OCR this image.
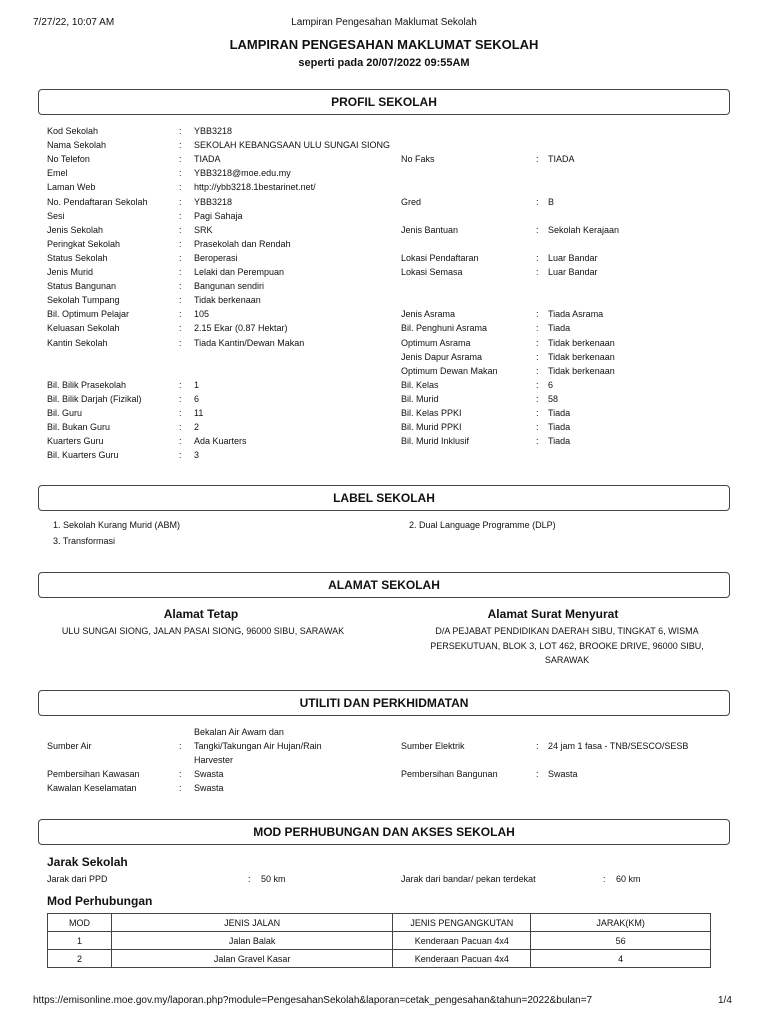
7/27/22, 10:07 AM	Lampiran Pengesahan Maklumat Sekolah
LAMPIRAN PENGESAHAN MAKLUMAT SEKOLAH
seperti pada 20/07/2022 09:55AM
PROFIL SEKOLAH
Kod Sekolah	: YBB3218
Nama Sekolah	: SEKOLAH KEBANGSAAN ULU SUNGAI SIONG
No Telefon	: TIADA	No Faks	: TIADA
Emel	: YBB3218@moe.edu.my
Laman Web	: http://ybb3218.1bestarinet.net/
No. Pendaftaran Sekolah	: YBB3218	Gred	: B
Sesi	: Pagi Sahaja
Jenis Sekolah	: SRK	Jenis Bantuan	: Sekolah Kerajaan
Peringkat Sekolah	: Prasekolah dan Rendah
Status Sekolah	: Beroperasi	Lokasi Pendaftaran	: Luar Bandar
Jenis Murid	: Lelaki dan Perempuan	Lokasi Semasa	: Luar Bandar
Status Bangunan	: Bangunan sendiri
Sekolah Tumpang	: Tidak berkenaan
Bil. Optimum Pelajar	: 105	Jenis Asrama	: Tiada Asrama
Keluasan Sekolah	: 2.15 Ekar (0.87 Hektar)	Bil. Penghuni Asrama	: Tiada
Kantin Sekolah	: Tiada Kantin/Dewan Makan	Optimum Asrama	: Tidak berkenaan
Jenis Dapur Asrama	: Tidak berkenaan
Optimum Dewan Makan	: Tidak berkenaan
Bil. Bilik Prasekolah	: 1	Bil. Kelas	: 6
Bil. Bilik Darjah (Fizikal)	: 6	Bil. Murid	: 58
Bil. Guru	: 11	Bil. Kelas PPKI	: Tiada
Bil. Bukan Guru	: 2	Bil. Murid PPKI	: Tiada
Kuarters Guru	: Ada Kuarters	Bil. Murid Inklusif	: Tiada
Bil. Kuarters Guru	: 3
LABEL SEKOLAH
1. Sekolah Kurang Murid (ABM)	2. Dual Language Programme (DLP)
3. Transformasi
ALAMAT SEKOLAH
Alamat Tetap
ULU SUNGAI SIONG, JALAN PASAI SIONG, 96000 SIBU, SARAWAK
Alamat Surat Menyurat
D/A PEJABAT PENDIDIKAN DAERAH SIBU, TINGKAT 6, WISMA
PERSEKUTUAN, BLOK 3, LOT 462, BROOKE DRIVE, 96000 SIBU,
SARAWAK
UTILITI DAN PERKHIDMATAN
Bekalan Air Awam dan
Sumber Air	: Tangki/Takungan Air Hujan/Rain	Sumber Elektrik	: 24 jam 1 fasa - TNB/SESCO/SESB
Harvester
Pembersihan Kawasan	: Swasta	Pembersihan Bangunan	: Swasta
Kawalan Keselamatan	: Swasta
MOD PERHUBUNGAN DAN AKSES SEKOLAH
Jarak Sekolah
Jarak dari PPD	: 50 km	Jarak dari bandar/ pekan terdekat	: 60 km
Mod Perhubungan
MOD	JENIS JALAN	JENIS PENGANGKUTAN	JARAK(KM)
1	Jalan Balak	Kenderaan Pacuan 4x4	56
2	Jalan Gravel Kasar	Kenderaan Pacuan 4x4	4
https://emisonline.moe.gov.my/laporan.php?module=PengesahanSekolah&laporan=cetak_pengesahan&tahun=2022&bulan=7	1/4
